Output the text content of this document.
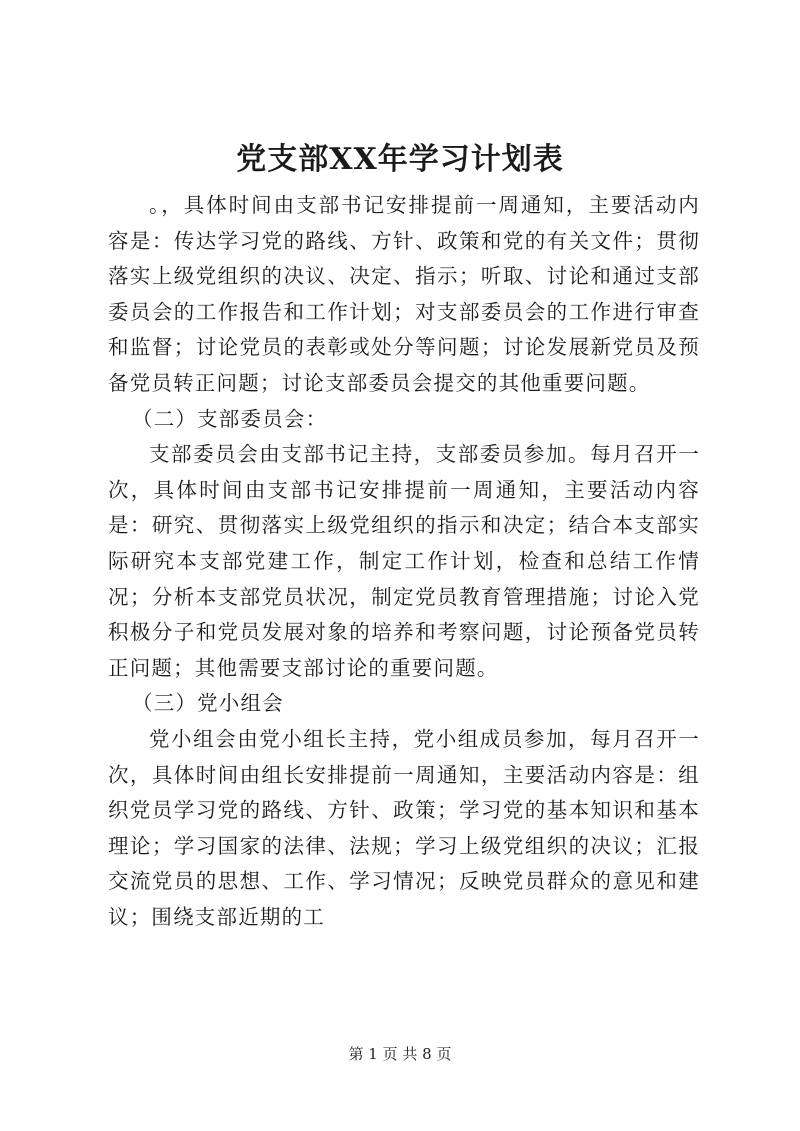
党支部XX年学习计划表

。，具体时间由支部书记安排提前一周通知，主要活动内容是：传达学习党的路线、方针、政策和党的有关文件；贯彻落实上级党组织的决议、决定、指示；听取、讨论和通过支部委员会的工作报告和工作计划；对支部委员会的工作进行审查和监督；讨论党员的表彰或处分等问题；讨论发展新党员及预备党员转正问题；讨论支部委员会提交的其他重要问题。

（二）支部委员会：

支部委员会由支部书记主持，支部委员参加。每月召开一次，具体时间由支部书记安排提前一周通知，主要活动内容是：研究、贯彻落实上级党组织的指示和决定；结合本支部实际研究本支部党建工作，制定工作计划，检查和总结工作情况；分析本支部党员状况，制定党员教育管理措施；讨论入党积极分子和党员发展对象的培养和考察问题，讨论预备党员转正问题；其他需要支部讨论的重要问题。

（三）党小组会

党小组会由党小组长主持，党小组成员参加，每月召开一次，具体时间由组长安排提前一周通知，主要活动内容是：组织党员学习党的路线、方针、政策；学习党的基本知识和基本理论；学习国家的法律、法规；学习上级党组织的决议；汇报交流党员的思想、工作、学习情况；反映党员群众的意见和建议；围绕支部近期的工

第 1 页 共 8 页
